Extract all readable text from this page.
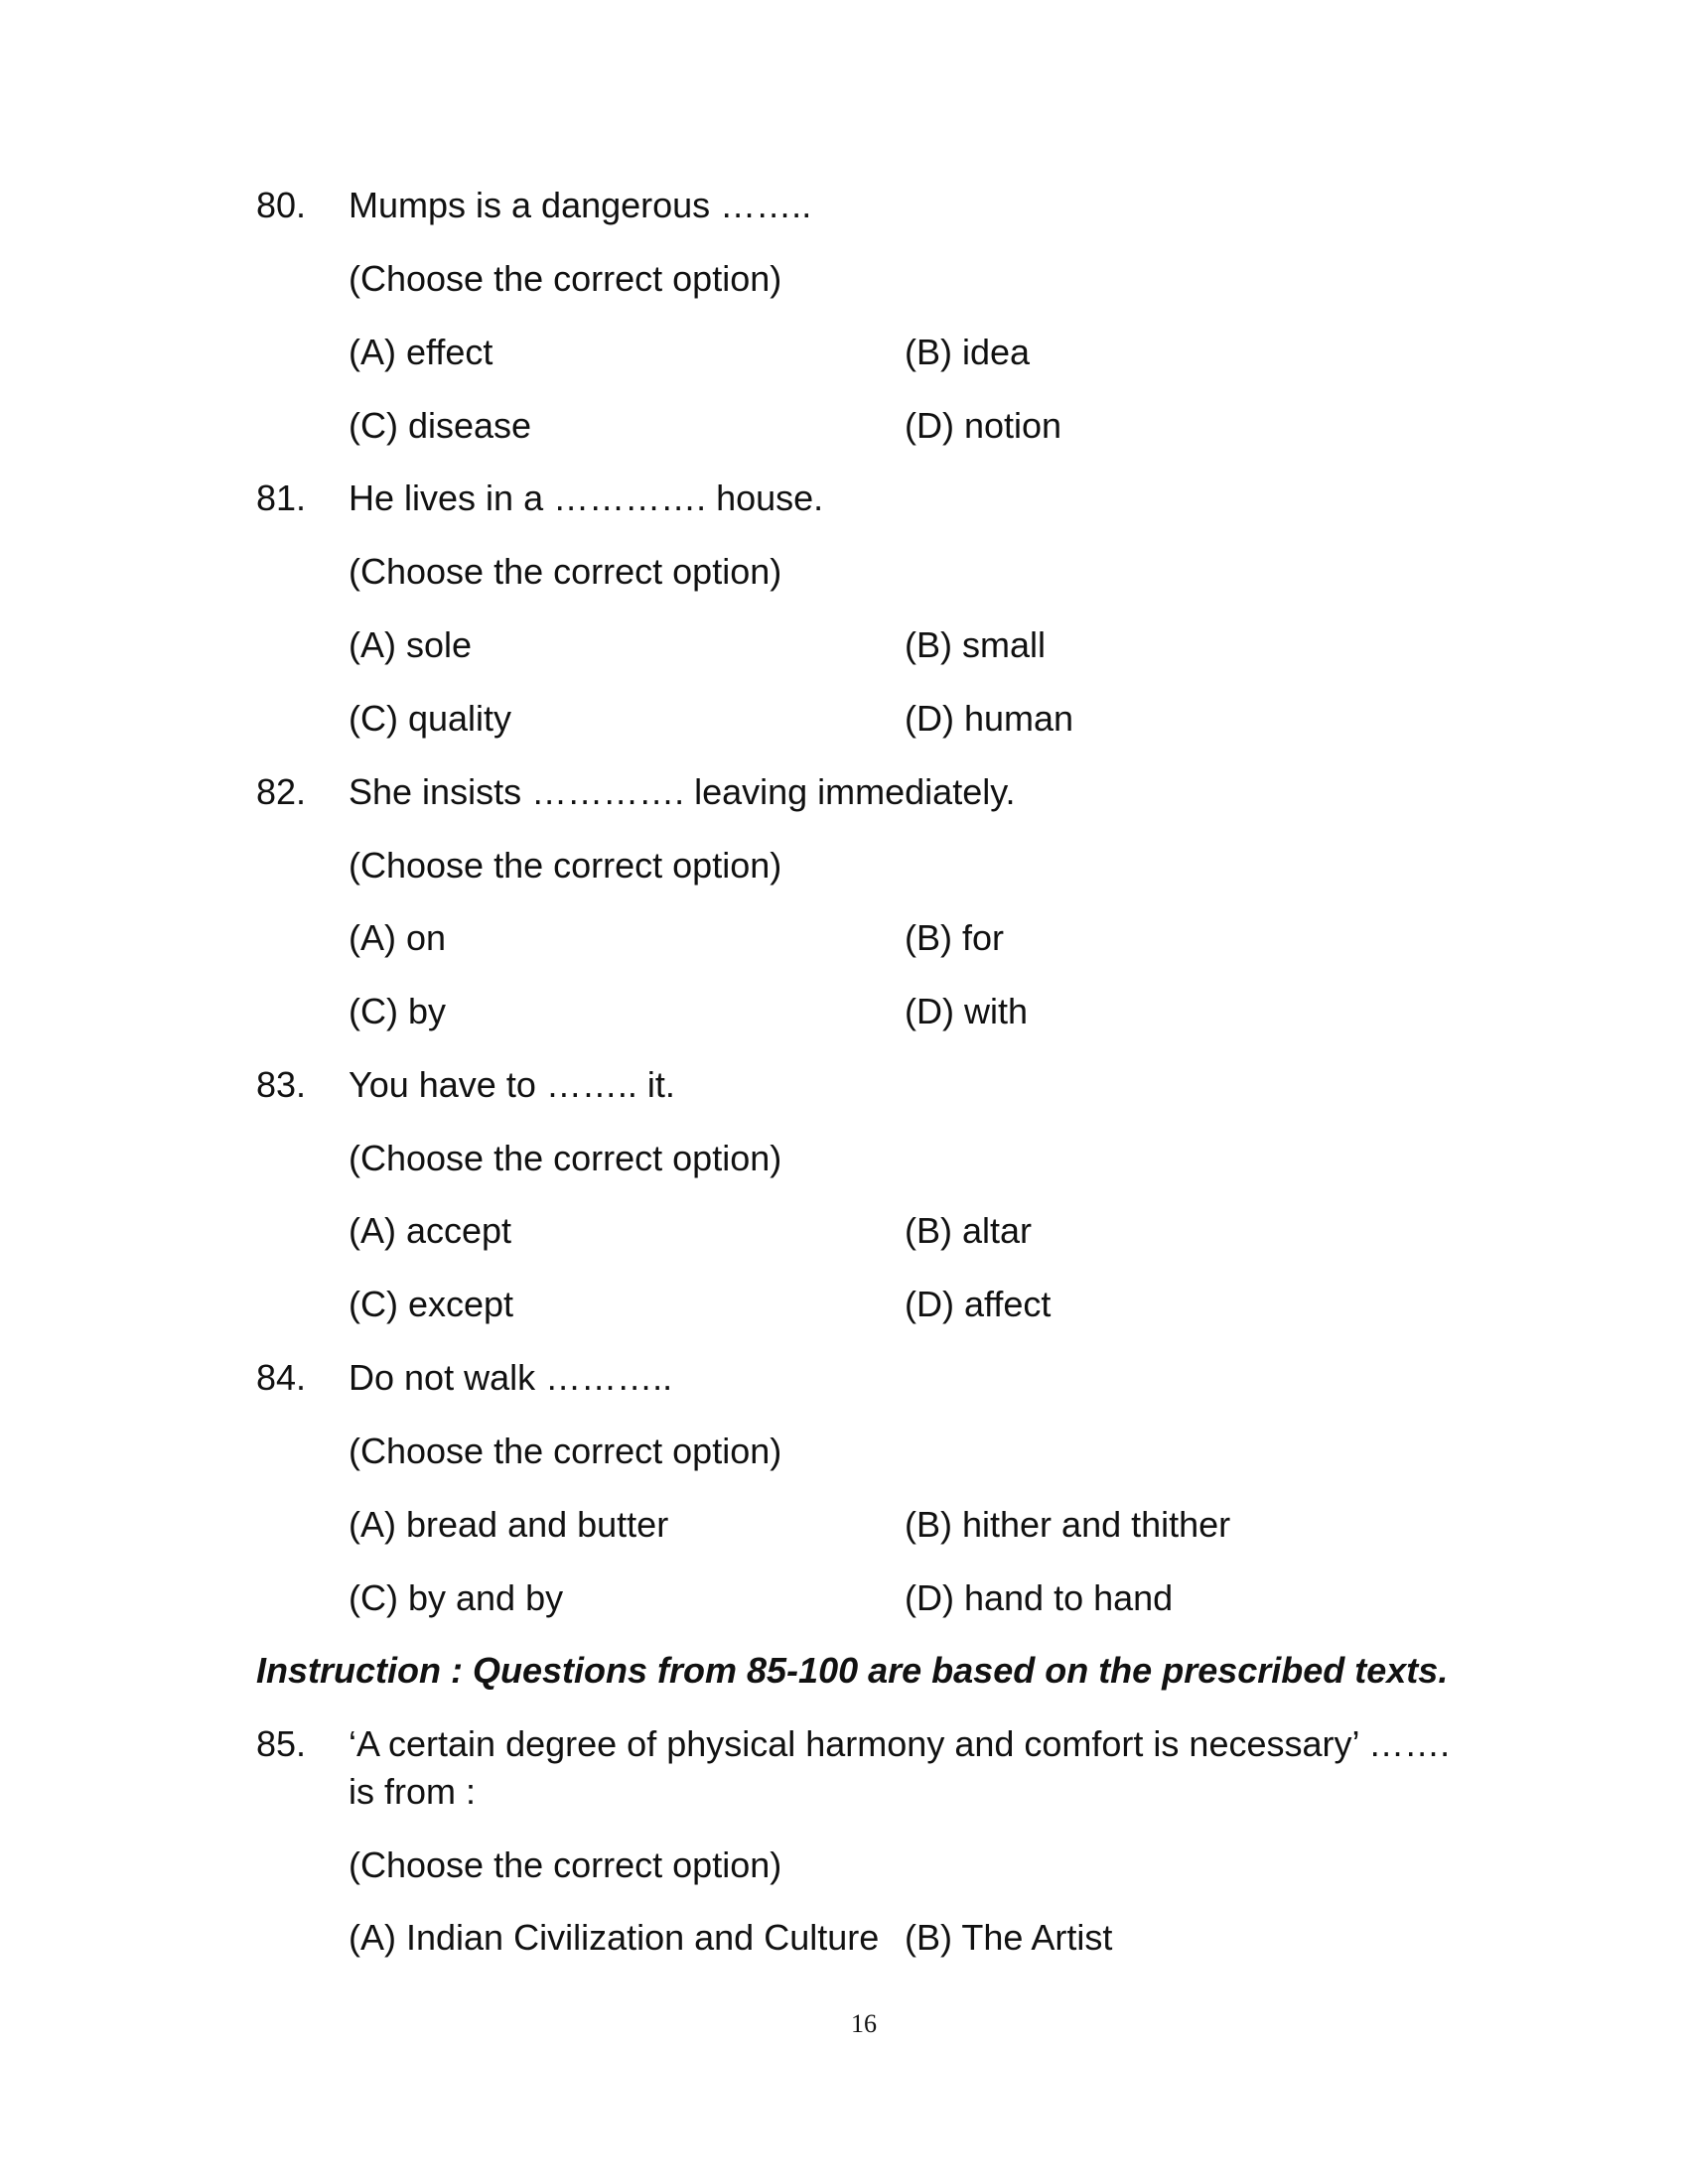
80. Mumps is a dangerous ……..
(Choose the correct option)
(A) effect	(B) idea
(C) disease	(D) notion
81. He lives in a …………. house.
(Choose the correct option)
(A) sole	(B) small
(C) quality	(D) human
82. She insists …………. leaving immediately.
(Choose the correct option)
(A) on	(B) for
(C) by	(D) with
83. You have to …….. it.
(Choose the correct option)
(A) accept	(B) altar
(C) except	(D) affect
84. Do not walk ………..
(Choose the correct option)
(A) bread and butter	(B) hither and thither
(C) by and by	(D) hand to hand
Instruction : Questions from 85-100 are based on the prescribed texts.
85. ‘A certain degree of physical harmony and comfort is necessary’ …….
is from :
(Choose the correct option)
(A) Indian Civilization and Culture (B) The Artist
16
